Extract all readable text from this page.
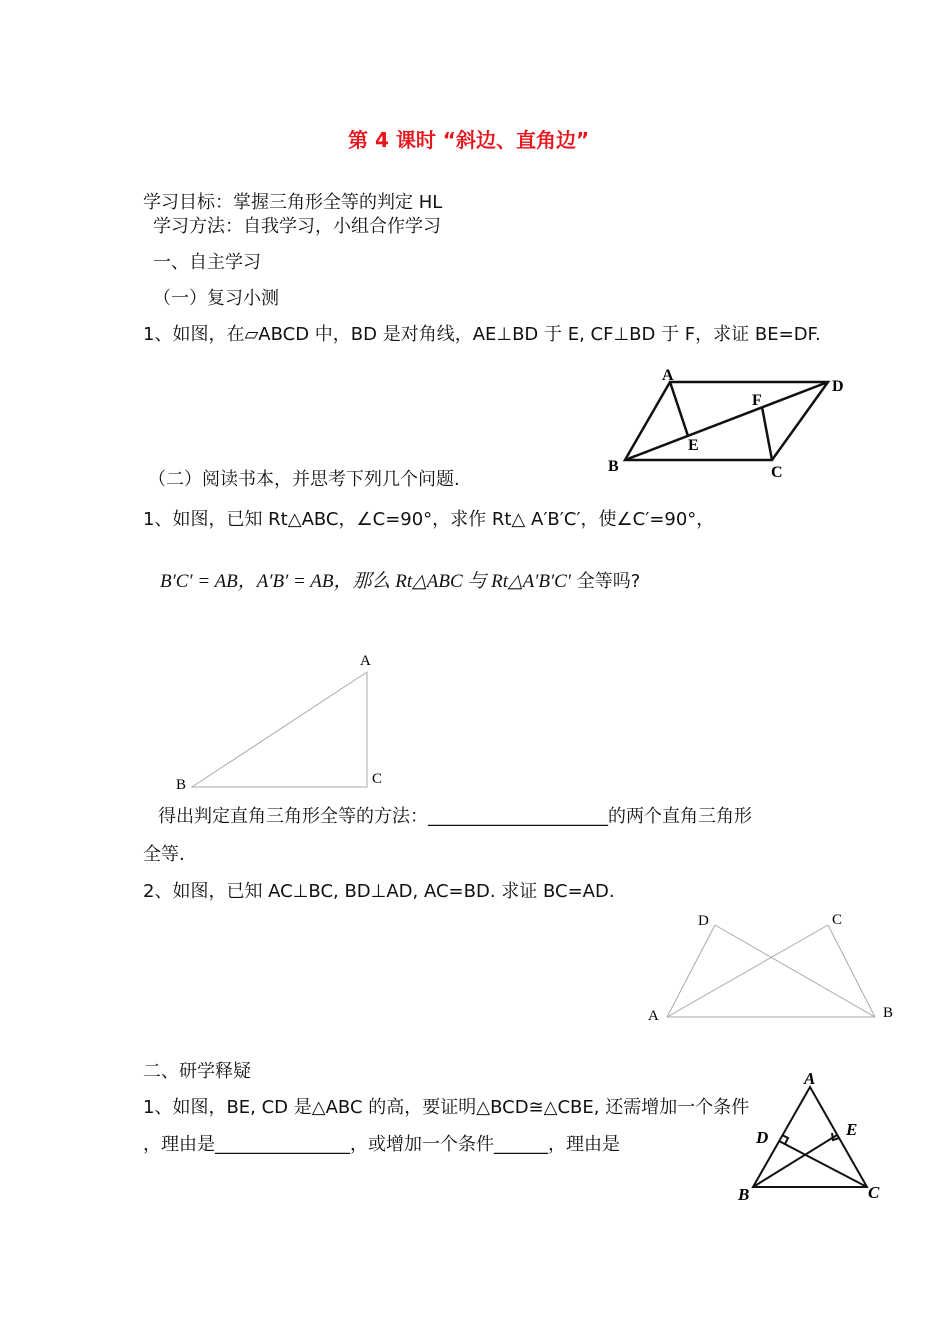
第 4 课时 “斜边、直角边”
学习目标：掌握三角形全等的判定 HL
学习方法：自我学习，小组合作学习
一、自主学习
（一）复习小测
1、如图，在▱ABCD 中，BD 是对角线，AE⊥BD 于 E, CF⊥BD 于 F，求证 BE=DF.
A
D
F
E
B	C
（二）阅读书本，并思考下列几个问题.
1、如图，已知 Rt△ABC，∠C=90°，求作 Rt△ A′B′C′，使∠C′=90°，
B′C′ = AB，A′B′ = AB，那么 Rt△ABC 与 Rt△A′B′C′ 全等吗?
A
B	C
得出判定直角三角形全等的方法：____________________的两个直角三角形
全等.
2、如图，已知 AC⊥BC, BD⊥AD, AC=BD. 求证 BC=AD.
D	C
A	B
二、研学释疑
1、如图，BE, CD 是△ABC 的高，要证明△BCD≅△CBE, 还需增加一个条件
，理由是_______________，或增加一个条件______，理由是
A
D	E
B	C
